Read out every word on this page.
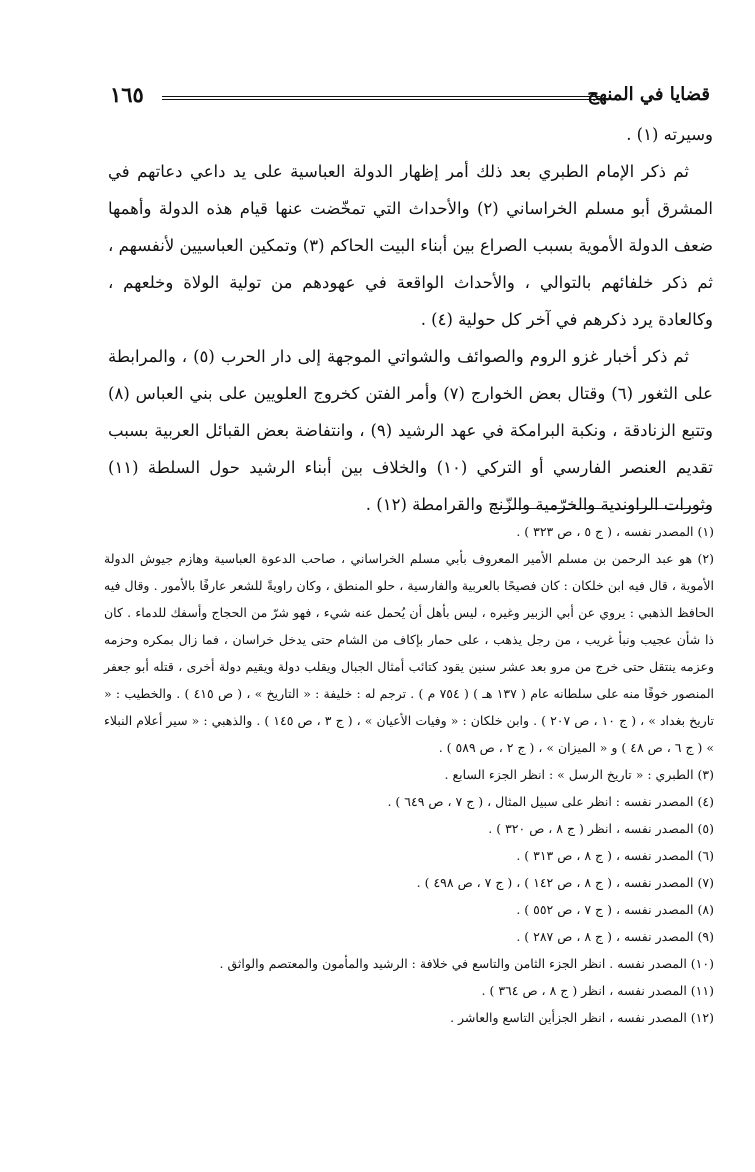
١٦٥	قضايا في المنهج

وسيرته (١) .

ثم ذكر الإمام الطبري بعد ذلك أمر إظهار الدولة العباسية على يد داعي دعاتهم في المشرق أبو مسلم الخراساني (٢) والأحداث التي تمخّضت عنها قيام هذه الدولة وأهمها ضعف الدولة الأموية بسبب الصراع بين أبناء البيت الحاكم (٣) وتمكين العباسيين لأنفسهم ، ثم ذكر خلفائهم بالتوالي ، والأحداث الواقعة في عهودهم من تولية الولاة وخلعهم ، وكالعادة يرد ذكرهم في آخر كل حولية (٤) .

ثم ذكر أخبار غزو الروم والصوائف والشواتي الموجهة إلى دار الحرب (٥) ، والمرابطة على الثغور (٦) وقتال بعض الخوارج (٧) وأمر الفتن كخروج العلويين على بني العباس (٨) وتتبع الزنادقة ، ونكبة البرامكة في عهد الرشيد (٩) ، وانتفاضة بعض القبائل العربية بسبب تقديم العنصر الفارسي أو التركي (١٠) والخلاف بين أبناء الرشيد حول السلطة (١١) وثورات الراوندية والخرّمية والزّنج والقرامطة (١٢) .

(١) المصدر نفسه ، ( ج ٥ ، ص ٣٢٣ ) .

(٢) هو عبد الرحمن بن مسلم الأمير المعروف بأبي مسلم الخراساني ، صاحب الدعوة العباسية وهازم جيوش الدولة الأموية ، قال فيه ابن خلكان : كان فصيحًا بالعربية والفارسية ، حلو المنطق ، وكان راويةً للشعر عارفًا بالأمور . وقال فيه الحافظ الذهبي : يروي عن أبي الزبير وغيره ، ليس بأهل أن يُحمل عنه شيء ، فهو شرّ من الحجاج وأسفك للدماء . كان ذا شأن عجيب ونبأ غريب ، من رجل يذهب ، على حمار بإكاف من الشام حتى يدخل خراسان ، فما زال بمكره وحزمه وعزمه ينتقل حتى خرج من مرو بعد عشر سنين يقود كتائب أمثال الجبال ويقلب دولة ويقيم دولة أخرى ، قتله أبو جعفر المنصور خوفًا منه على سلطانه عام ( ١٣٧ هـ ) ( ٧٥٤ م ) . ترجم له : خليفة : « التاريخ » ، ( ص ٤١٥ ) . والخطيب : « تاريخ بغداد » ، ( ج ١٠ ، ص ٢٠٧ ) . وابن خلكان : « وفيات الأعيان » ، ( ج ٣ ، ص ١٤٥ ) . والذهبي : « سير أعلام النبلاء » ( ج ٦ ، ص ٤٨ ) و « الميزان » ، ( ج ٢ ، ص ٥٨٩ ) .

(٣) الطبري : « تاريخ الرسل » : انظر الجزء السابع .

(٤) المصدر نفسه : انظر على سبيل المثال ، ( ج ٧ ، ص ٦٤٩ ) .

(٥) المصدر نفسه ، انظر ( ج ٨ ، ص ٣٢٠ ) .

(٦) المصدر نفسه ، ( ج ٨ ، ص ٣١٣ ) .

(٧) المصدر نفسه ، ( ج ٨ ، ص ١٤٢ ) ، ( ج ٧ ، ص ٤٩٨ ) .

(٨) المصدر نفسه ، ( ج ٧ ، ص ٥٥٢ ) .

(٩) المصدر نفسه ، ( ج ٨ ، ص ٢٨٧ ) .

(١٠) المصدر نفسه . انظر الجزء الثامن والتاسع في خلافة : الرشيد والمأمون والمعتصم والواثق .

(١١) المصدر نفسه ، انظر ( ج ٨ ، ص ٣٦٤ ) .

(١٢) المصدر نفسه ، انظر الجزأين التاسع والعاشر .
